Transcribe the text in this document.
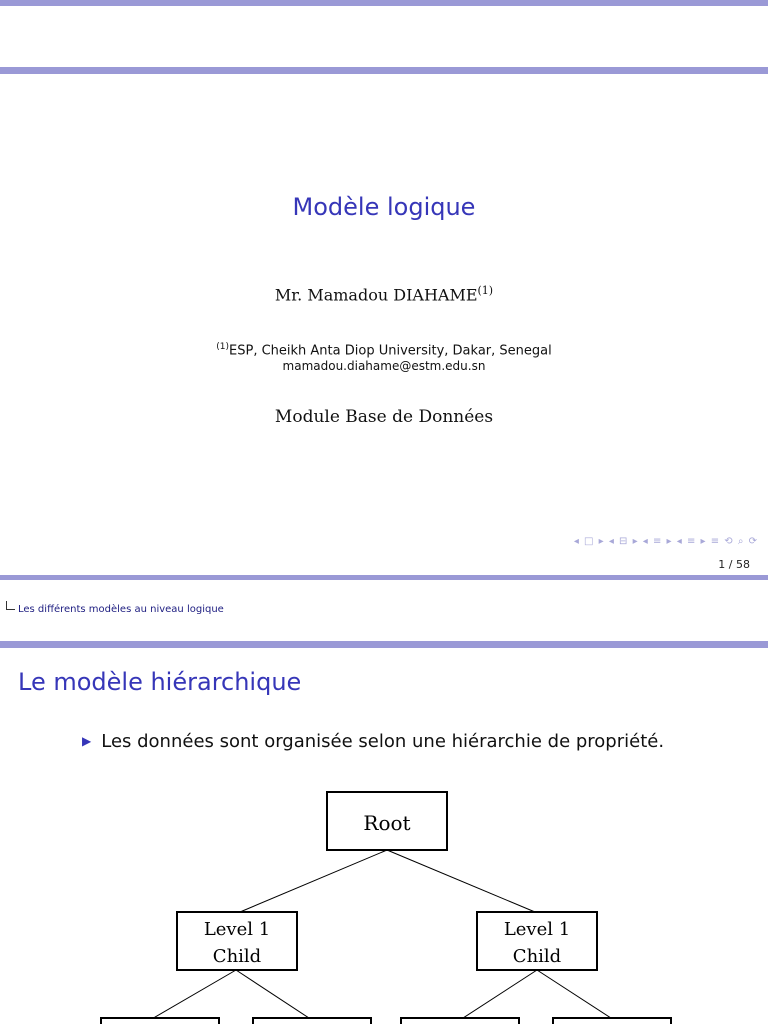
Modèle logique
Mr. Mamadou DIAHAME$^{(1)}$
$^{(1)}$ESP, Cheikh Anta Diop University, Dakar, Senegal
mamadou.diahame@estm.edu.sn
Module Base de Données
◂ □ ▸ ◂ ⊟ ▸ ◂ ≡ ▸ ◂ ≡ ▸ ≡ ⟲ ⌕ ⟳
1 / 58
Les différents modèles au niveau logique
Le modèle hiérarchique
▶ Les données sont organisée selon une hiérarchie de propriété.
Root
Level 1
Child
Level 1
Child
